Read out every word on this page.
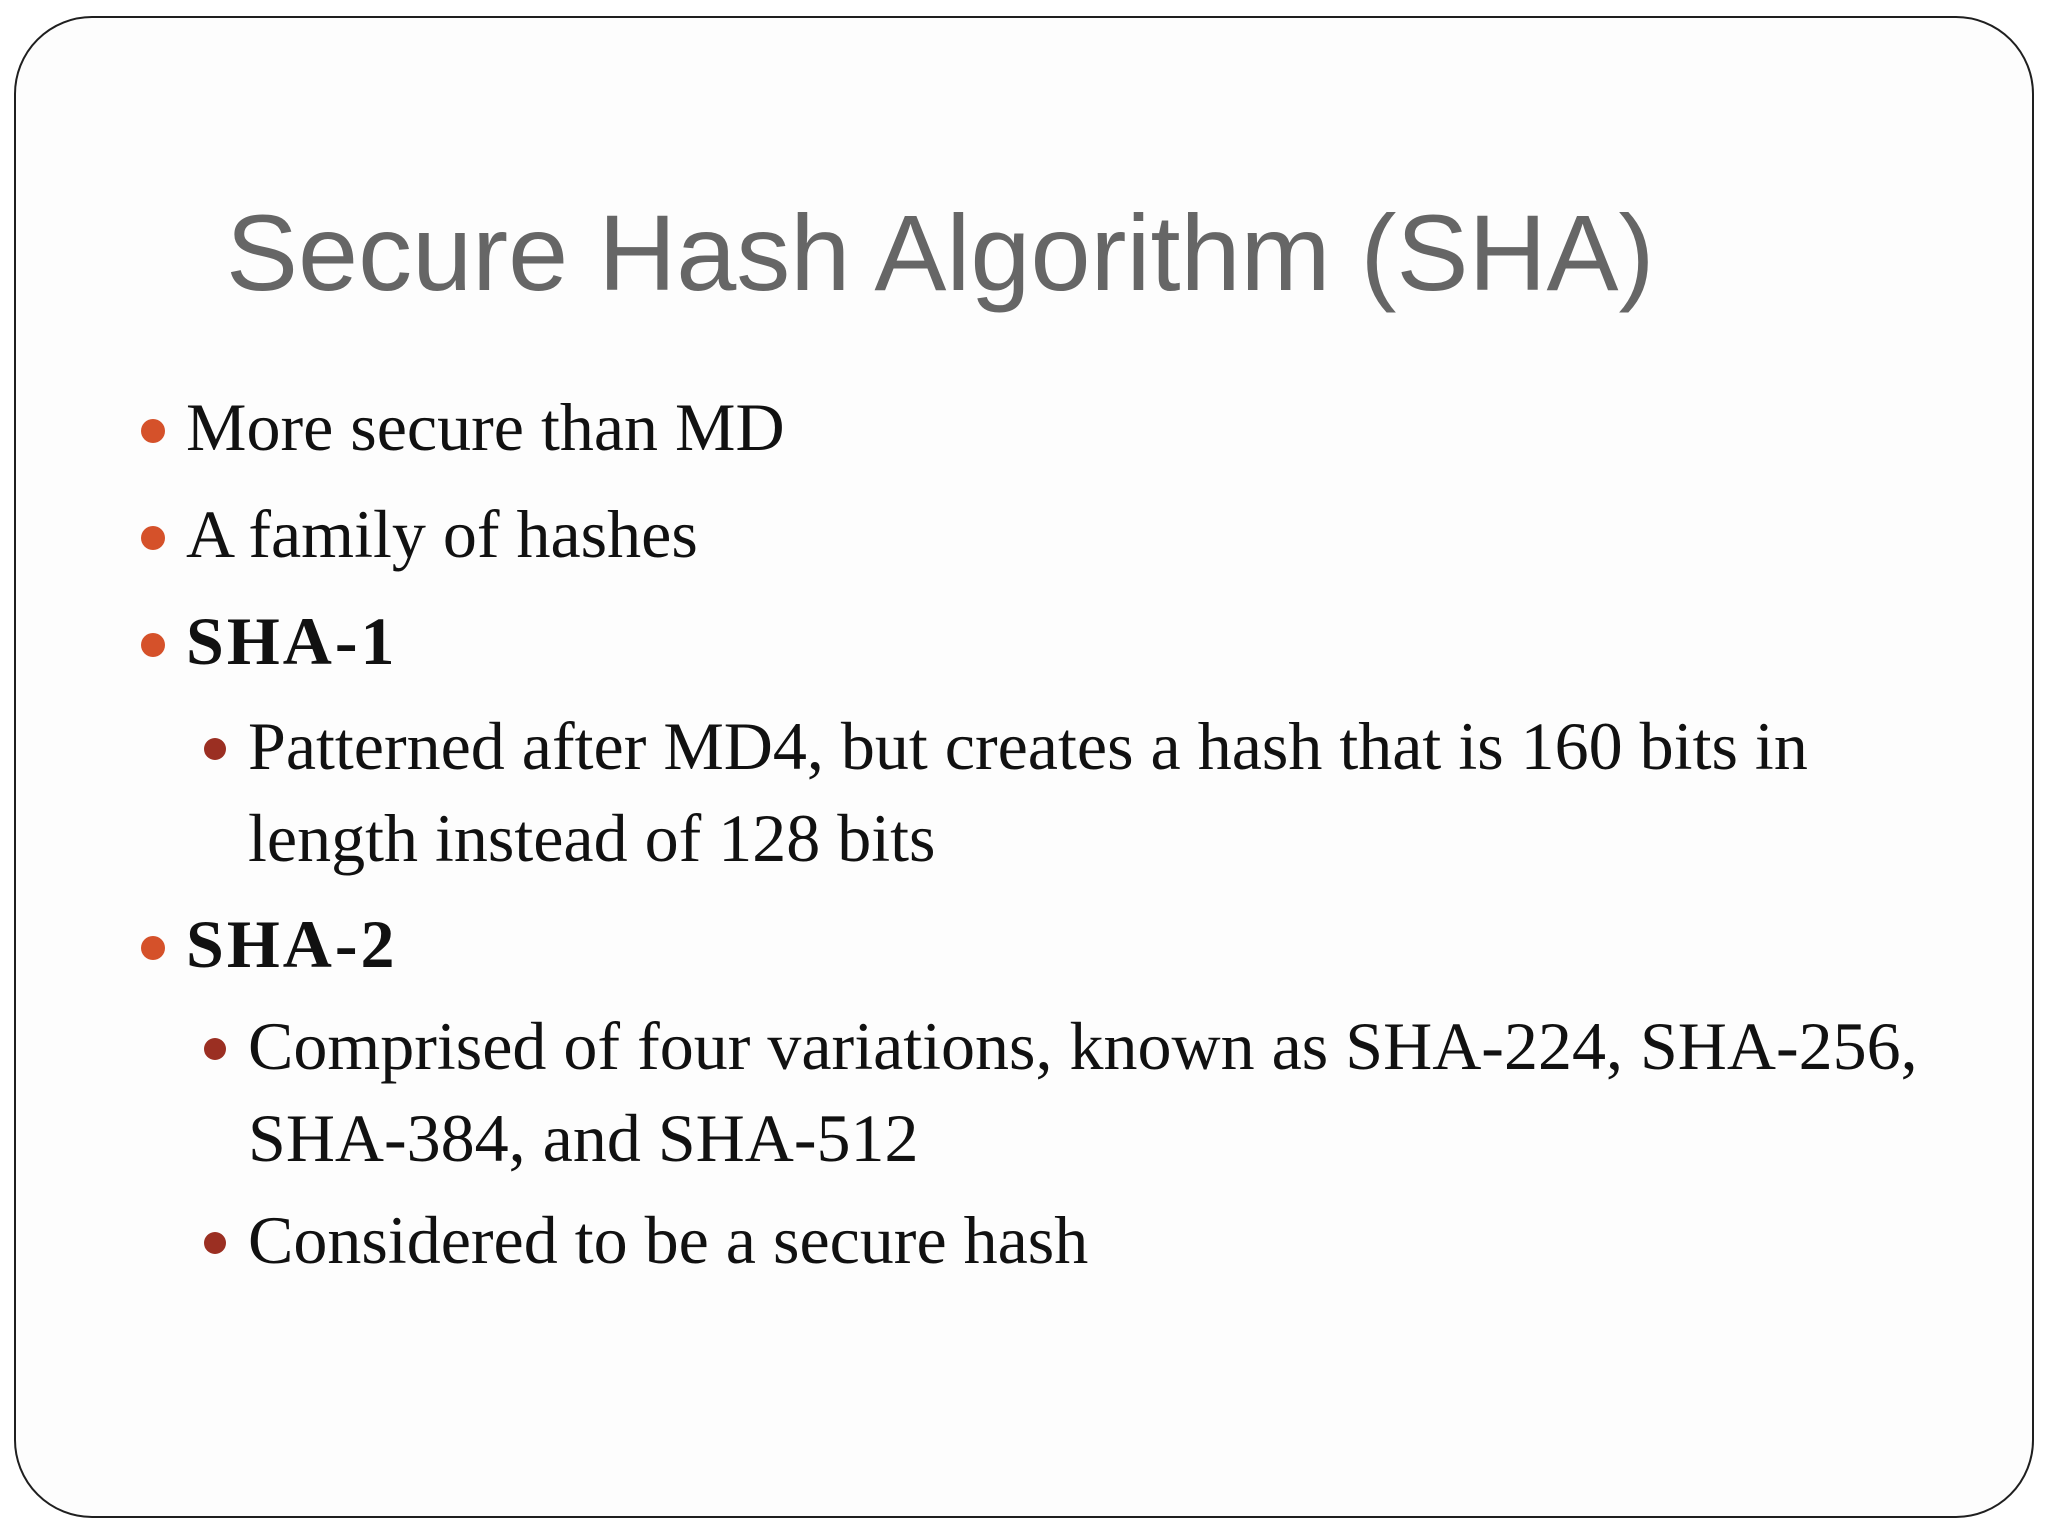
Secure Hash Algorithm (SHA)

More secure than MD

A family of hashes

SHA-1

Patterned after MD4, but creates a hash that is 160 bits in length instead of 128 bits

SHA-2

Comprised of four variations, known as SHA-224, SHA-256, SHA-384, and SHA-512

Considered to be a secure hash
